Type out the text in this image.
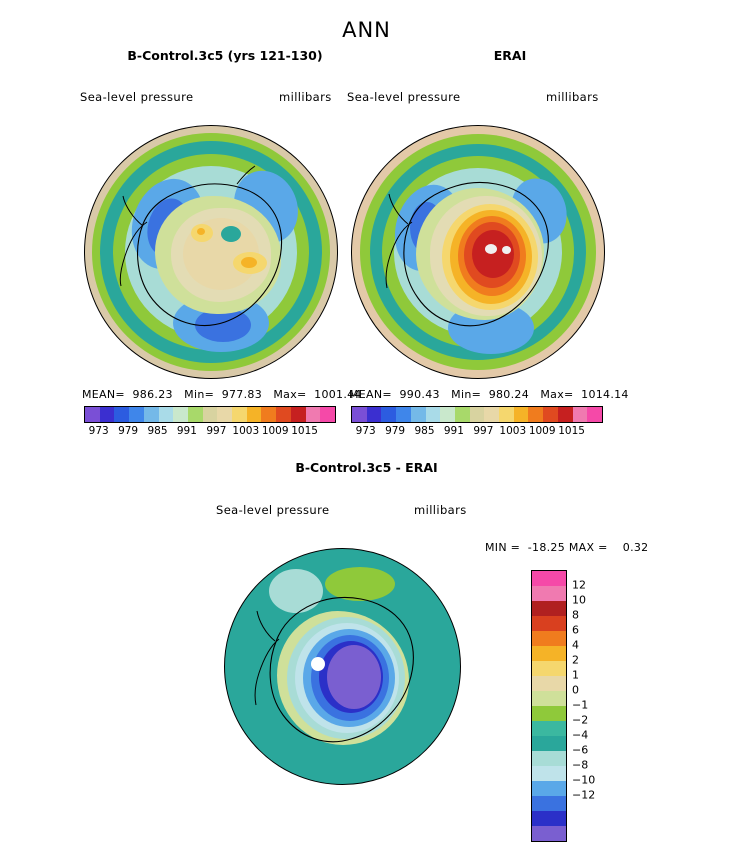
ANN
B-Control.3c5 (yrs 121-130)
Sea-level pressure	millibars
MEAN=  986.23   Min=  977.83   Max=  1001.44
973 979 985 991 997 1003 1009 1015
ERAI
Sea-level pressure	millibars
MEAN=  990.43   Min=  980.24   Max=  1014.14
973 979 985 991 997 1003 1009 1015
B-Control.3c5 - ERAI
Sea-level pressure	millibars
MIN =  -18.25 MAX =    0.32
12
10
8
6
4
2
1
0
−1
−2
−4
−6
−8
−10
−12
